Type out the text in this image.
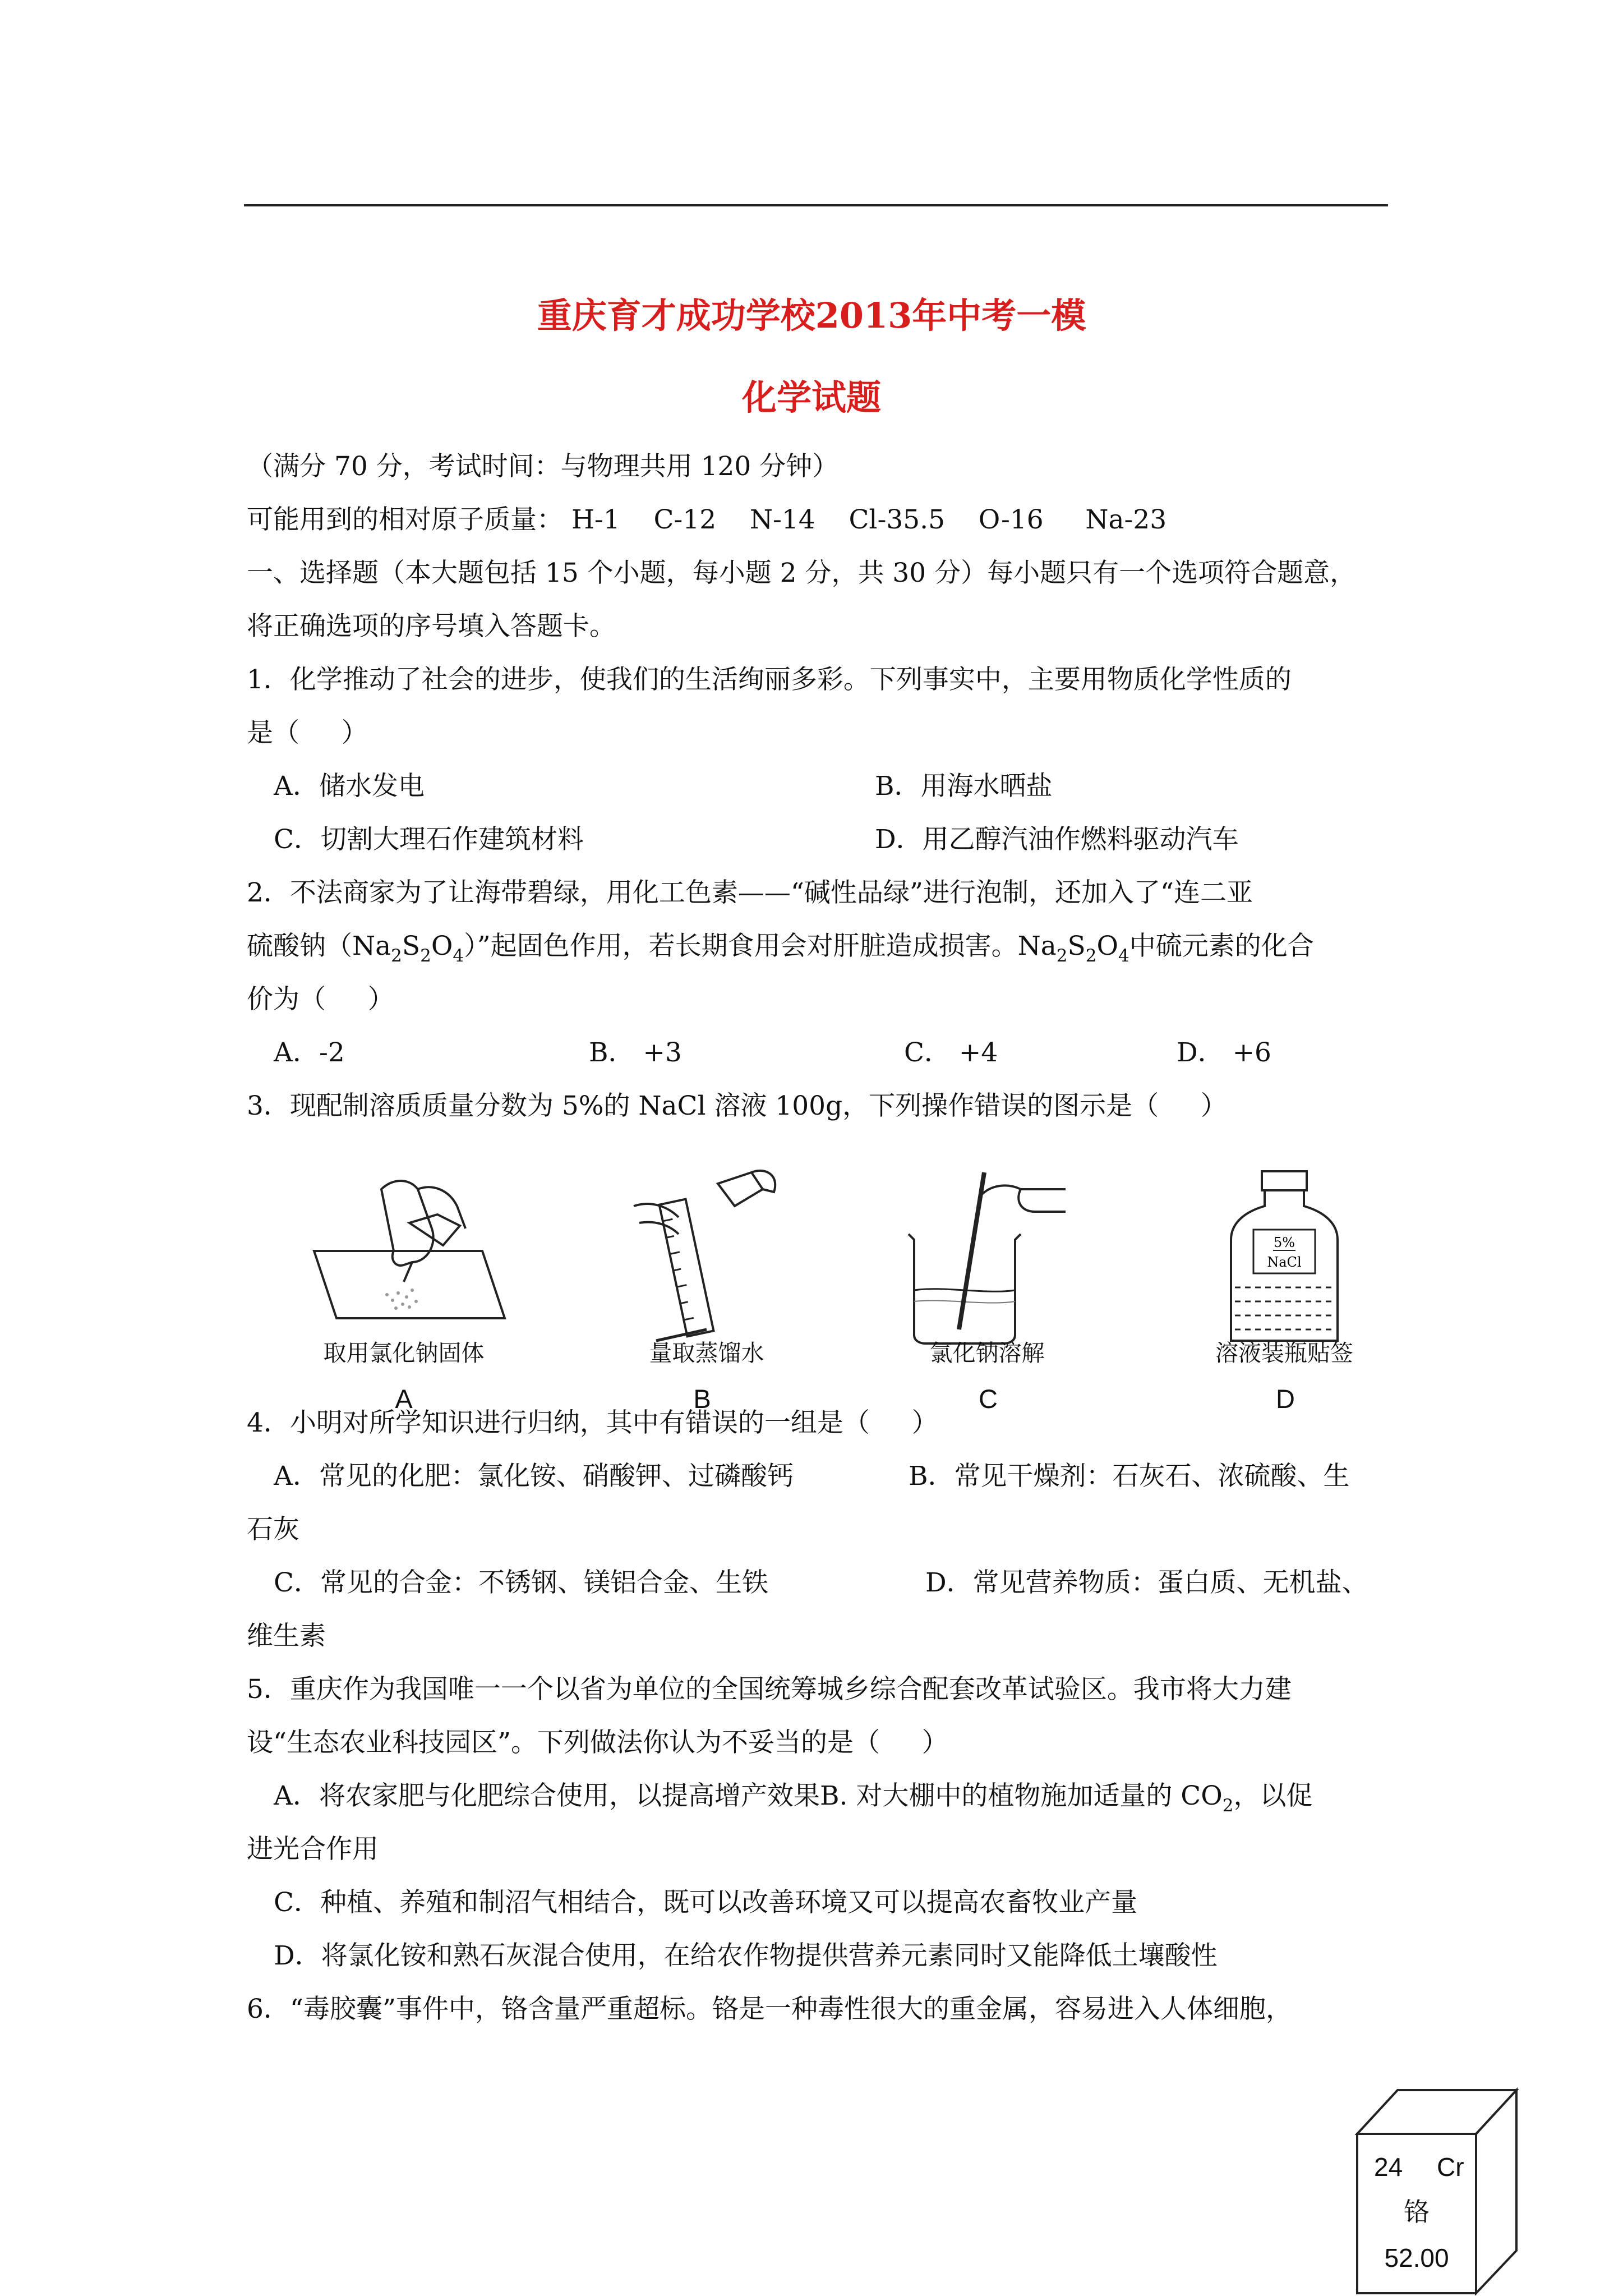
重庆育才成功学校2013年中考一模
化学试题
（满分 70 分，考试时间：与物理共用 120 分钟）
可能用到的相对原子质量： H-1    C-12    N-14    Cl-35.5    O-16     Na-23
一、选择题（本大题包括 15 个小题，每小题 2 分，共 30 分）每小题只有一个选项符合题意，
将正确选项的序号填入答题卡。
1．化学推动了社会的进步，使我们的生活绚丽多彩。下列事实中，主要用物质化学性质的
是（     ）
A．储水发电	B．用海水晒盐
C．切割大理石作建筑材料	D．用乙醇汽油作燃料驱动汽车
2．不法商家为了让海带碧绿，用化工色素——“碱性品绿”进行泡制，还加入了“连二亚
硫酸钠$(Na_2S_2O_4)$”起固色作用，若长期食用会对肝脏造成损害。$Na_2S_2O_4$中硫元素的化合
价为（     ）
A．-2	B． +3	C． +4	D． +6
3．现配制溶质质量分数为 5%的 NaCl 溶液 100g，下列操作错误的图示是（     ）
取用氯化钠固体
A
量取蒸馏水
B
氯化钠溶解
C
5%
NaCl
溶液装瓶贴签
D
4．小明对所学知识进行归纳，其中有错误的一组是（     ）
A．常见的化肥：氯化铵、硝酸钾、过磷酸钙	B．常见干燥剂：石灰石、浓硫酸、生
石灰
C．常见的合金：不锈钢、镁铝合金、生铁	D．常见营养物质：蛋白质、无机盐、
维生素
5．重庆作为我国唯一一个以省为单位的全国统筹城乡综合配套改革试验区。我市将大力建
设“生态农业科技园区”。下列做法你认为不妥当的是（     ）
A．将农家肥与化肥综合使用，以提高增产效果B. 对大棚中的植物施加适量的 $CO_2$，以促
进光合作用
C．种植、养殖和制沼气相结合，既可以改善环境又可以提高农畜牧业产量
D．将氯化铵和熟石灰混合使用，在给农作物提供营养元素同时又能降低土壤酸性
6．“毒胶囊”事件中，铬含量严重超标。铬是一种毒性很大的重金属，容易进入人体细胞，
24 Cr
铬
52.00
